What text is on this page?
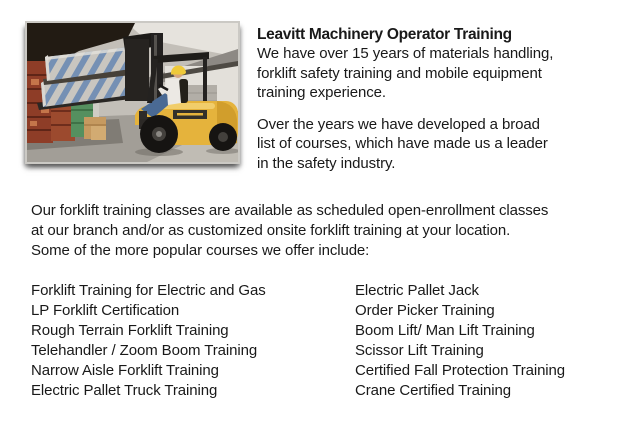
Leavitt Machinery Operator Training

We have over 15 years of materials handling,
forklift safety training and mobile equipment
training experience.

Over the years we have developed a broad
list of courses, which have made us a leader
in the safety industry.

Our forklift training classes are available as scheduled open-enrollment classes
at our branch and/or as customized onsite forklift training at your location.
Some of the more popular courses we offer include:
Forklift Training for Electric and Gas
LP Forklift Certification
Rough Terrain Forklift Training
Telehandler / Zoom Boom Training
Narrow Aisle Forklift Training
Electric Pallet Truck Training
Electric Pallet Jack
Order Picker Training
Boom Lift/ Man Lift Training
Scissor Lift Training
Certified Fall Protection Training
Crane Certified Training
